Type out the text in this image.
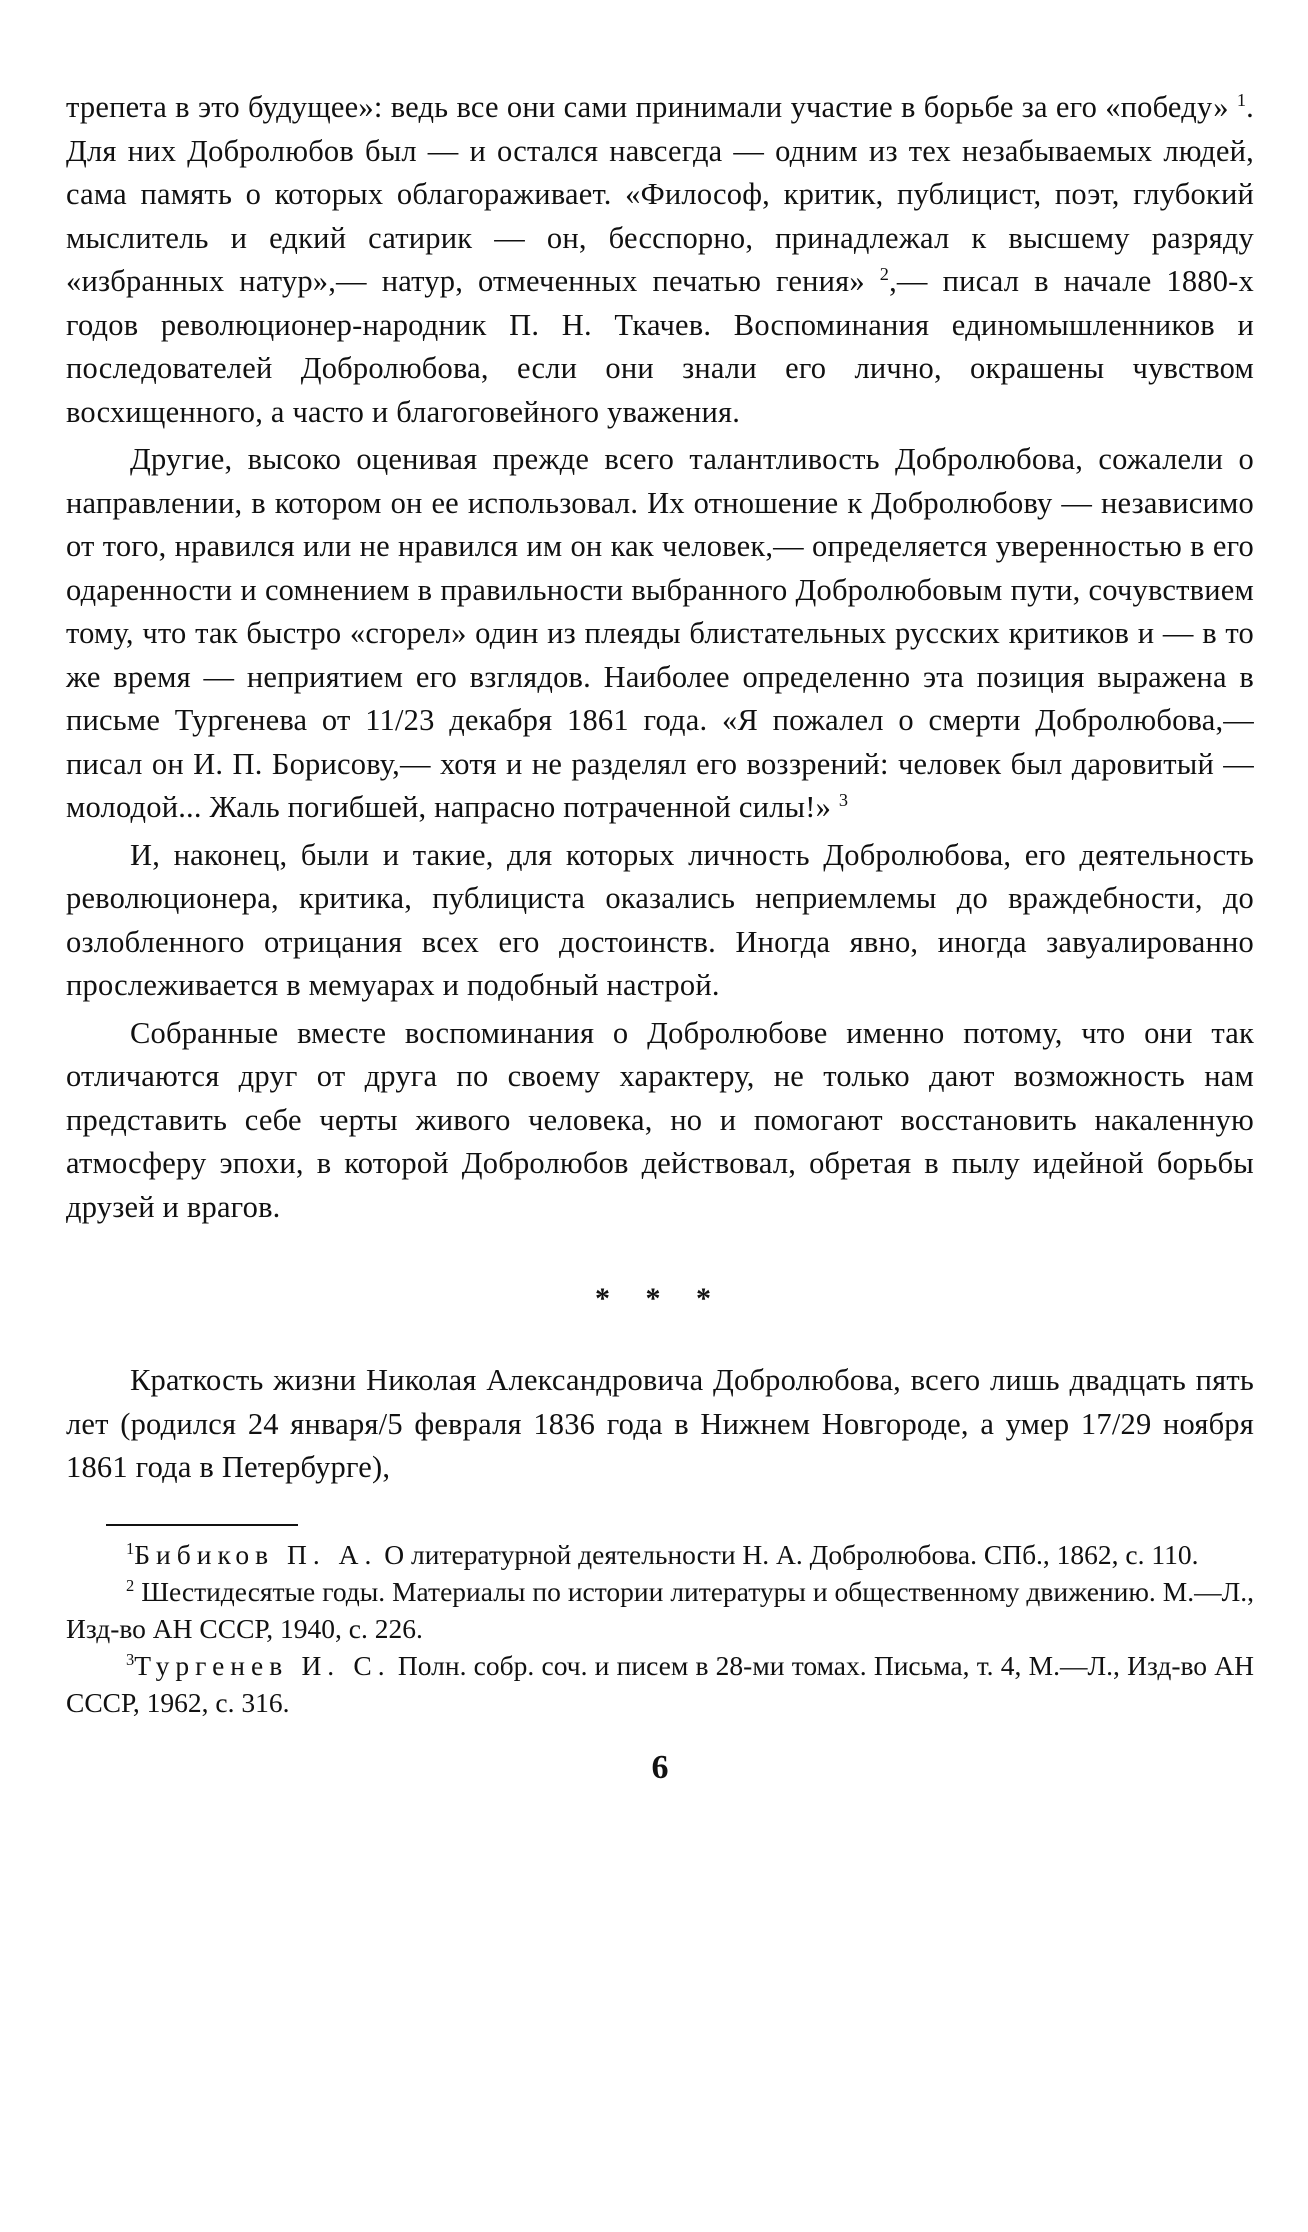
трепета в это будущее»: ведь все они сами принимали участие в борьбе за его «победу» $^1$. Для них Добролюбов был — и остался навсегда — одним из тех незабываемых людей, сама память о которых облагораживает. «Философ, критик, публицист, поэт, глубокий мыслитель и едкий сатирик — он, бесспорно, принадлежал к высшему разряду «избранных натур»,— натур, отмеченных печатью гения» $^2$,— писал в начале 1880-х годов революционер-народник П. Н. Ткачев. Воспоминания единомышленников и последователей Добролюбова, если они знали его лично, окрашены чувством восхищенного, а часто и благоговейного уважения.

Другие, высоко оценивая прежде всего талантливость Добролюбова, сожалели о направлении, в котором он ее использовал. Их отношение к Добролюбову — независимо от того, нравился или не нравился им он как человек,— определяется уверенностью в его одаренности и сомнением в правильности выбранного Добролюбовым пути, сочувствием тому, что так быстро «сгорел» один из плеяды блистательных русских критиков и — в то же время — неприятием его взглядов. Наиболее определенно эта позиция выражена в письме Тургенева от 11/23 декабря 1861 года. «Я пожалел о смерти Добролюбова,— писал он И. П. Борисову,— хотя и не разделял его воззрений: человек был даровитый — молодой... Жаль погибшей, напрасно потраченной силы!» $^3$

И, наконец, были и такие, для которых личность Добролюбова, его деятельность революционера, критика, публициста оказались неприемлемы до враждебности, до озлобленного отрицания всех его достоинств. Иногда явно, иногда завуалированно прослеживается в мемуарах и подобный настрой.

Собранные вместе воспоминания о Добролюбове именно потому, что они так отличаются друг от друга по своему характеру, не только дают возможность нам представить себе черты живого человека, но и помогают восстановить накаленную атмосферу эпохи, в которой Добролюбов действовал, обретая в пылу идейной борьбы друзей и врагов.

* * *

Краткость жизни Николая Александровича Добролюбова, всего лишь двадцать пять лет (родился 24 января/5 февраля 1836 года в Нижнем Новгороде, а умер 17/29 ноября 1861 года в Петербурге),

$^1$Бибиков П. А. О литературной деятельности Н. А. Добролюбова. СПб., 1862, с. 110.

$^2$ Шестидесятые годы. Материалы по истории литературы и общественному движению. М.—Л., Изд-во АН СССР, 1940, с. 226.

$^3$Тургенев И. С. Полн. собр. соч. и писем в 28-ми томах. Письма, т. 4, М.—Л., Изд-во АН СССР, 1962, с. 316.

6
